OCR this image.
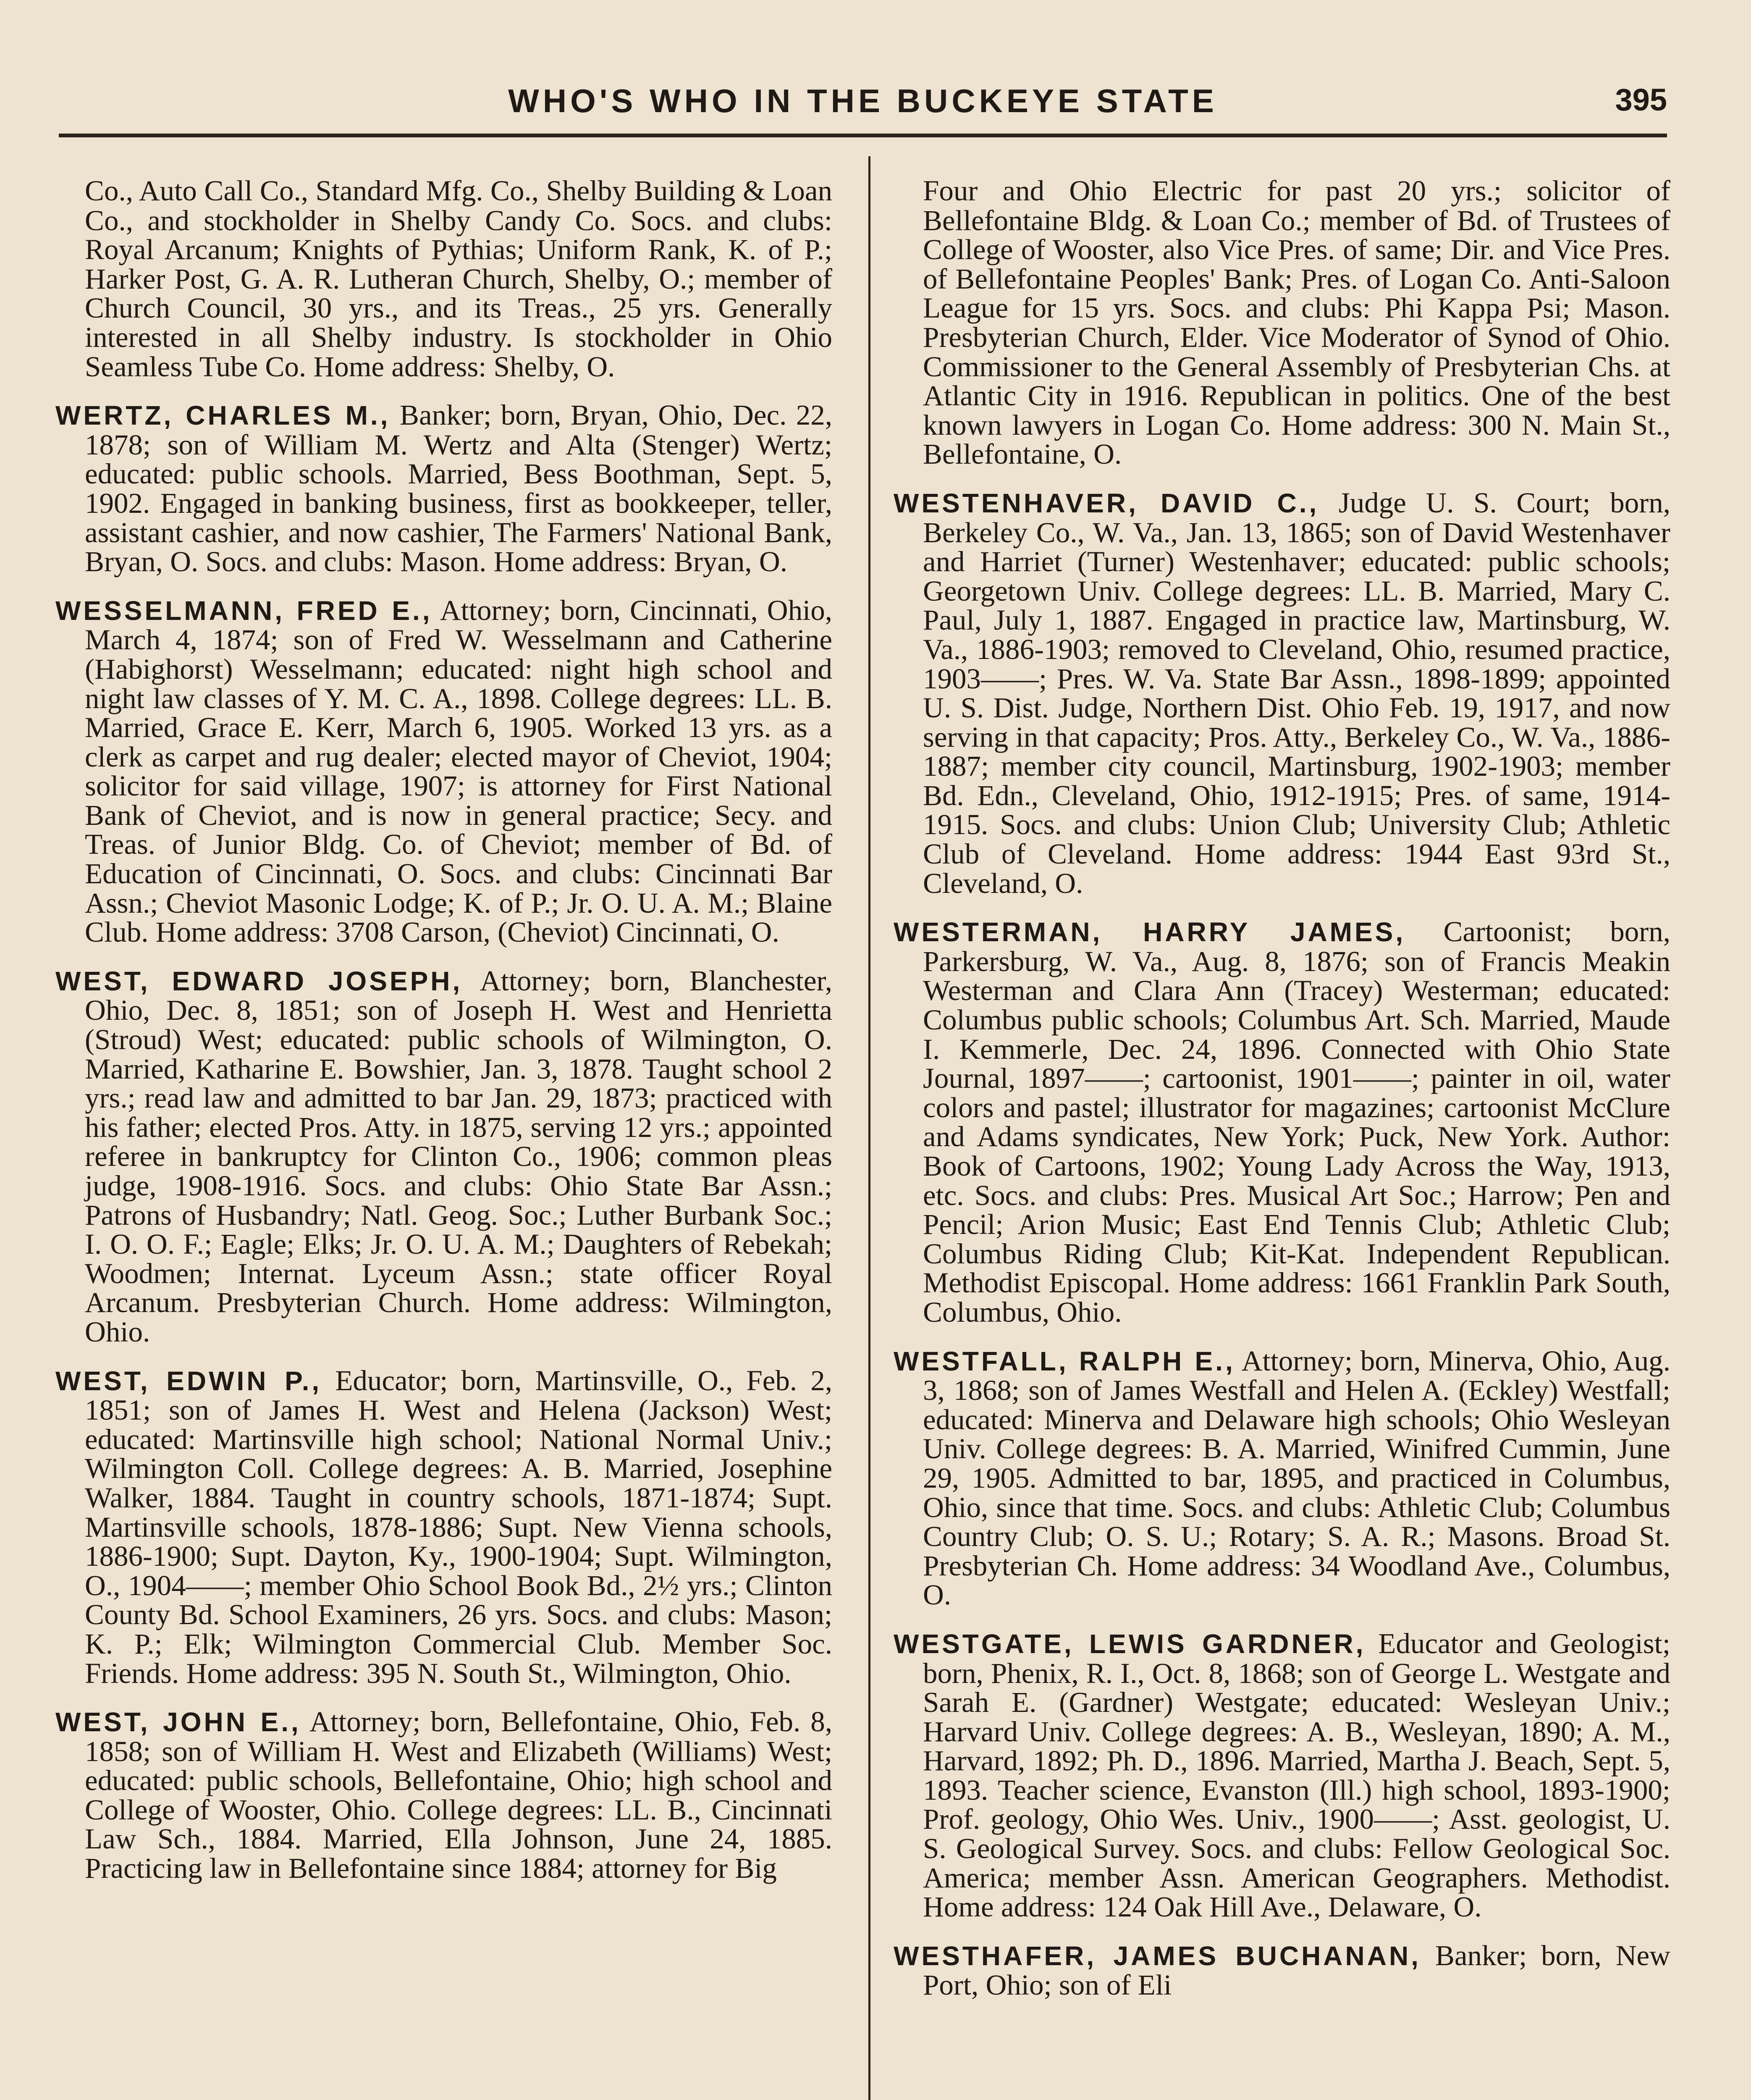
WHO'S WHO IN THE BUCKEYE STATE	395

Co., Auto Call Co., Standard Mfg. Co., Shelby Building & Loan Co., and stockholder in Shelby Candy Co. Socs. and clubs: Royal Arcanum; Knights of Pythias; Uniform Rank, K. of P.; Harker Post, G. A. R. Lutheran Church, Shelby, O.; member of Church Council, 30 yrs., and its Treas., 25 yrs. Generally interested in all Shelby industry. Is stockholder in Ohio Seamless Tube Co. Home address: Shelby, O.

WERTZ, CHARLES M., Banker; born, Bryan, Ohio, Dec. 22, 1878; son of William M. Wertz and Alta (Stenger) Wertz; educated: public schools. Married, Bess Boothman, Sept. 5, 1902. Engaged in banking business, first as bookkeeper, teller, assistant cashier, and now cashier, The Farmers' National Bank, Bryan, O. Socs. and clubs: Mason. Home address: Bryan, O.

WESSELMANN, FRED E., Attorney; born, Cincinnati, Ohio, March 4, 1874; son of Fred W. Wesselmann and Catherine (Habighorst) Wesselmann; educated: night high school and night law classes of Y. M. C. A., 1898. College degrees: LL. B. Married, Grace E. Kerr, March 6, 1905. Worked 13 yrs. as a clerk as carpet and rug dealer; elected mayor of Cheviot, 1904; solicitor for said village, 1907; is attorney for First National Bank of Cheviot, and is now in general practice; Secy. and Treas. of Junior Bldg. Co. of Cheviot; member of Bd. of Education of Cincinnati, O. Socs. and clubs: Cincinnati Bar Assn.; Cheviot Masonic Lodge; K. of P.; Jr. O. U. A. M.; Blaine Club. Home address: 3708 Carson, (Cheviot) Cincinnati, O.

WEST, EDWARD JOSEPH, Attorney; born, Blanchester, Ohio, Dec. 8, 1851; son of Joseph H. West and Henrietta (Stroud) West; educated: public schools of Wilmington, O. Married, Katharine E. Bowshier, Jan. 3, 1878. Taught school 2 yrs.; read law and admitted to bar Jan. 29, 1873; practiced with his father; elected Pros. Atty. in 1875, serving 12 yrs.; appointed referee in bankruptcy for Clinton Co., 1906; common pleas judge, 1908-1916. Socs. and clubs: Ohio State Bar Assn.; Patrons of Husbandry; Natl. Geog. Soc.; Luther Burbank Soc.; I. O. O. F.; Eagle; Elks; Jr. O. U. A. M.; Daughters of Rebekah; Woodmen; Internat. Lyceum Assn.; state officer Royal Arcanum. Presbyterian Church. Home address: Wilmington, Ohio.

WEST, EDWIN P., Educator; born, Martinsville, O., Feb. 2, 1851; son of James H. West and Helena (Jackson) West; educated: Martinsville high school; National Normal Univ.; Wilmington Coll. College degrees: A. B. Married, Josephine Walker, 1884. Taught in country schools, 1871-1874; Supt. Martinsville schools, 1878-1886; Supt. New Vienna schools, 1886-1900; Supt. Dayton, Ky., 1900-1904; Supt. Wilmington, O., 1904——; member Ohio School Book Bd., 2½ yrs.; Clinton County Bd. School Examiners, 26 yrs. Socs. and clubs: Mason; K. P.; Elk; Wilmington Commercial Club. Member Soc. Friends. Home address: 395 N. South St., Wilmington, Ohio.

WEST, JOHN E., Attorney; born, Bellefontaine, Ohio, Feb. 8, 1858; son of William H. West and Elizabeth (Williams) West; educated: public schools, Bellefontaine, Ohio; high school and College of Wooster, Ohio. College degrees: LL. B., Cincinnati Law Sch., 1884. Married, Ella Johnson, June 24, 1885. Practicing law in Bellefontaine since 1884; attorney for Big

Four and Ohio Electric for past 20 yrs.; solicitor of Bellefontaine Bldg. & Loan Co.; member of Bd. of Trustees of College of Wooster, also Vice Pres. of same; Dir. and Vice Pres. of Bellefontaine Peoples' Bank; Pres. of Logan Co. Anti-Saloon League for 15 yrs. Socs. and clubs: Phi Kappa Psi; Mason. Presbyterian Church, Elder. Vice Moderator of Synod of Ohio. Commissioner to the General Assembly of Presbyterian Chs. at Atlantic City in 1916. Republican in politics. One of the best known lawyers in Logan Co. Home address: 300 N. Main St., Bellefontaine, O.

WESTENHAVER, DAVID C., Judge U. S. Court; born, Berkeley Co., W. Va., Jan. 13, 1865; son of David Westenhaver and Harriet (Turner) Westenhaver; educated: public schools; Georgetown Univ. College degrees: LL. B. Married, Mary C. Paul, July 1, 1887. Engaged in practice law, Martinsburg, W. Va., 1886-1903; removed to Cleveland, Ohio, resumed practice, 1903——; Pres. W. Va. State Bar Assn., 1898-1899; appointed U. S. Dist. Judge, Northern Dist. Ohio Feb. 19, 1917, and now serving in that capacity; Pros. Atty., Berkeley Co., W. Va., 1886-1887; member city council, Martinsburg, 1902-1903; member Bd. Edn., Cleveland, Ohio, 1912-1915; Pres. of same, 1914-1915. Socs. and clubs: Union Club; University Club; Athletic Club of Cleveland. Home address: 1944 East 93rd St., Cleveland, O.

WESTERMAN, HARRY JAMES, Cartoonist; born, Parkersburg, W. Va., Aug. 8, 1876; son of Francis Meakin Westerman and Clara Ann (Tracey) Westerman; educated: Columbus public schools; Columbus Art. Sch. Married, Maude I. Kemmerle, Dec. 24, 1896. Connected with Ohio State Journal, 1897——; cartoonist, 1901——; painter in oil, water colors and pastel; illustrator for magazines; cartoonist McClure and Adams syndicates, New York; Puck, New York. Author: Book of Cartoons, 1902; Young Lady Across the Way, 1913, etc. Socs. and clubs: Pres. Musical Art Soc.; Harrow; Pen and Pencil; Arion Music; East End Tennis Club; Athletic Club; Columbus Riding Club; Kit-Kat. Independent Republican. Methodist Episcopal. Home address: 1661 Franklin Park South, Columbus, Ohio.

WESTFALL, RALPH E., Attorney; born, Minerva, Ohio, Aug. 3, 1868; son of James Westfall and Helen A. (Eckley) Westfall; educated: Minerva and Delaware high schools; Ohio Wesleyan Univ. College degrees: B. A. Married, Winifred Cummin, June 29, 1905. Admitted to bar, 1895, and practiced in Columbus, Ohio, since that time. Socs. and clubs: Athletic Club; Columbus Country Club; O. S. U.; Rotary; S. A. R.; Masons. Broad St. Presbyterian Ch. Home address: 34 Woodland Ave., Columbus, O.

WESTGATE, LEWIS GARDNER, Educator and Geologist; born, Phenix, R. I., Oct. 8, 1868; son of George L. Westgate and Sarah E. (Gardner) Westgate; educated: Wesleyan Univ.; Harvard Univ. College degrees: A. B., Wesleyan, 1890; A. M., Harvard, 1892; Ph. D., 1896. Married, Martha J. Beach, Sept. 5, 1893. Teacher science, Evanston (Ill.) high school, 1893-1900; Prof. geology, Ohio Wes. Univ., 1900——; Asst. geologist, U. S. Geological Survey. Socs. and clubs: Fellow Geological Soc. America; member Assn. American Geographers. Methodist. Home address: 124 Oak Hill Ave., Delaware, O.

WESTHAFER, JAMES BUCHANAN, Banker; born, New Port, Ohio; son of Eli
